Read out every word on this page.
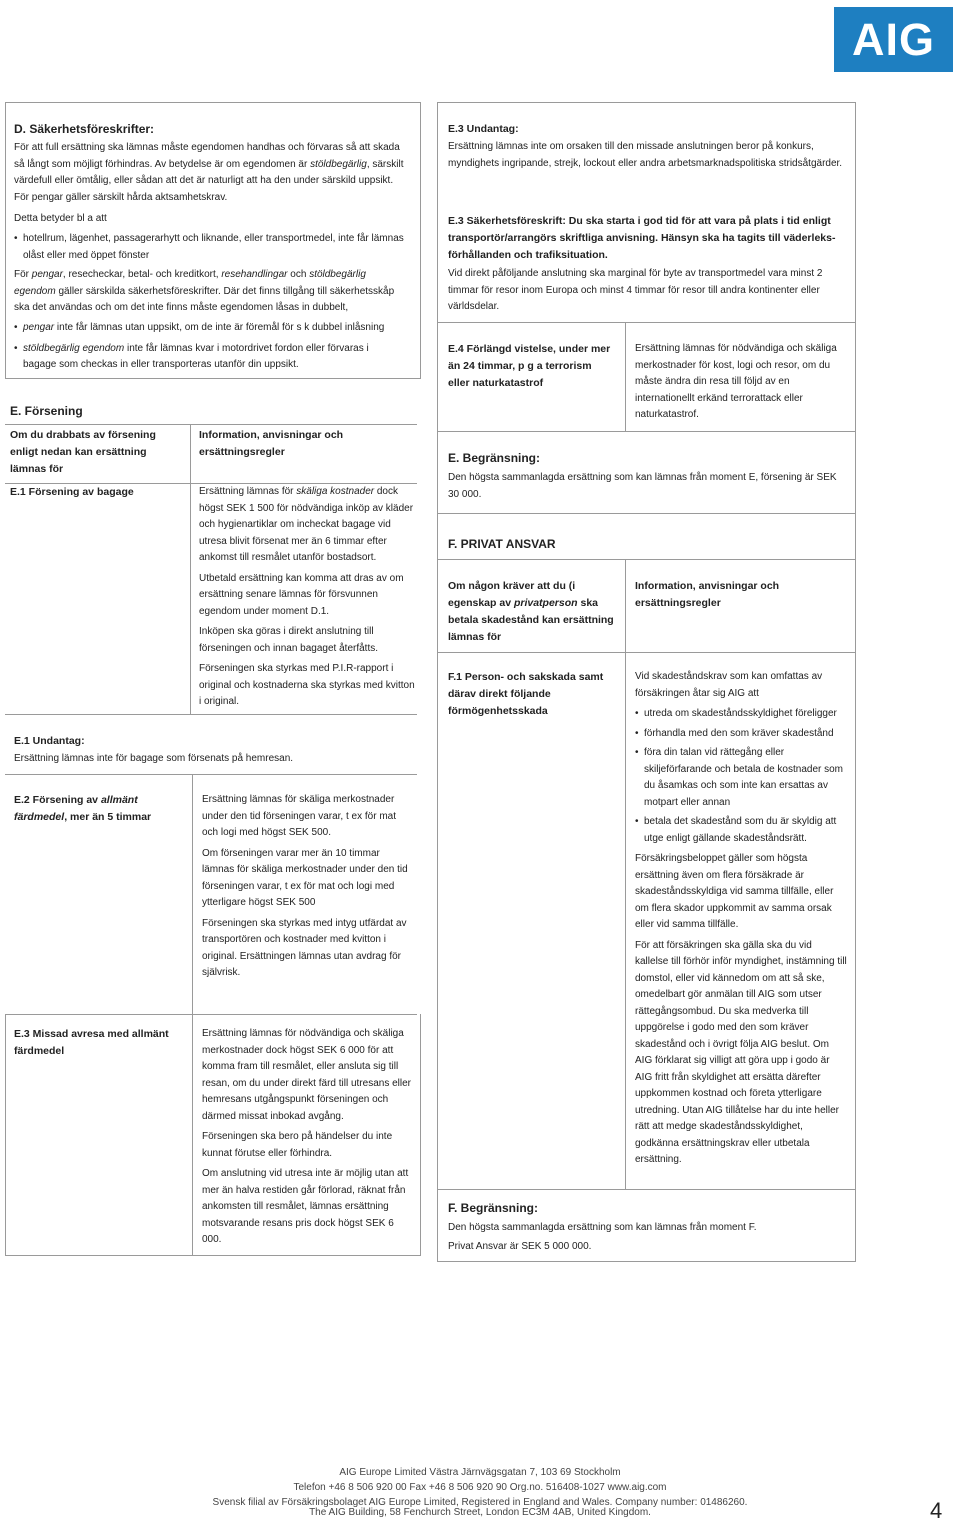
AIG
D. Säkerhetsföreskrifter:

För att full ersättning ska lämnas måste egendomen handhas och förvaras så att skada så långt som möjligt förhindras. Av betydelse är om egendomen är stöldbegärlig, särskilt värdefull eller ömtålig, eller sådan att det är naturligt att ha den under särskild uppsikt. För pengar gäller särskilt hårda aktsamhetskrav.

Detta betyder bl a att

• hotellrum, lägenhet, passagerarhytt och liknande, eller transportmedel, inte får lämnas olåst eller med öppet fönster

För pengar, resecheckar, betal- och kreditkort, resehandlingar och stöldbegärlig egendom gäller särskilda säkerhetsföreskrifter. Där det finns tillgång till säkerhetsskåp ska det användas och om det inte finns måste egendomen låsas in dubbelt,

• pengar inte får lämnas utan uppsikt, om de inte är föremål för s k dubbel inlåsning
• stöldbegärlig egendom inte får lämnas kvar i motordrivet fordon eller förvaras i bagage som checkas in eller transporteras utanför din uppsikt.
E. Försening
Om du drabbats av försening enligt nedan kan ersättning lämnas för
Information, anvisningar och ersättningsregler
E.1 Försening av bagage	Ersättning lämnas för skäliga kostnader dock högst SEK 1 500 för nödvändiga inköp av kläder och hygienartiklar om incheckat bagage vid utresa blivit försenat mer än 6 timmar efter ankomst till resmålet utanför bostadsort.

Utbetald ersättning kan komma att dras av om ersättning senare lämnas för försvunnen egendom under moment D.1.

Inköpen ska göras i direkt anslutning till förseningen och innan bagaget återfåtts.

Förseningen ska styrkas med P.I.R-rapport i original och kostnaderna ska styrkas med kvitton i original.

E.1 Undantag:
Ersättning lämnas inte för bagage som försenats på hemresan.
E.2 Försening av allmänt färdmedel, mer än 5 timmar

Ersättning lämnas för skäliga merkostnader under den tid förseningen varar, t ex för mat och logi med högst SEK 500.

Om förseningen varar mer än 10 timmar lämnas för skäliga merkostnader under den tid förseningen varar, t ex för mat och logi med ytterligare högst SEK 500

Förseningen ska styrkas med intyg utfärdat av transportören och kostnader med kvitton i original. Ersättningen lämnas utan avdrag för självrisk.

E.3 Missad avresa med allmänt färdmedel

Ersättning lämnas för nödvändiga och skäliga merkostnader dock högst SEK 6 000 för att komma fram till resmålet, eller ansluta sig till resan, om du under direkt färd till utresans eller hemresans utgångspunkt förseningen och därmed missat inbokad avgång.

Förseningen ska bero på händelser du inte kunnat förutse eller förhindra.

Om anslutning vid utresa inte är möjlig utan att mer än halva restiden går förlorad, räknat från ankomsten till resmålet, lämnas ersättning motsvarande resans pris dock högst SEK 6 000.

E.3 Undantag:
Ersättning lämnas inte om orsaken till den missade anslutningen beror på konkurs, myndighets ingripande, strejk, lockout eller andra arbetsmarknadspolitiska stridsåtgärder.
E.3 Säkerhetsföreskrift: Du ska starta i god tid för att vara på plats i tid enligt transportör/arrangörs skriftliga anvisning. Hänsyn ska ha tagits till väderleks-förhållanden och trafiksituation.
Vid direkt påföljande anslutning ska marginal för byte av transportmedel vara minst 2 timmar för resor inom Europa och minst 4 timmar för resor till andra kontinenter eller världsdelar.
E.4 Förlängd vistelse, under mer än 24 timmar, p g a terrorism eller naturkatastrof
Ersättning lämnas för nödvändiga och skäliga merkostnader för kost, logi och resor, om du måste ändra din resa till följd av en internationellt erkänd terrorattack eller naturkatastrof.
E. Begränsning:
Den högsta sammanlagda ersättning som kan lämnas från moment E, försening är SEK 30 000.
F. PRIVAT ANSVAR
Om någon kräver att du (i egenskap av privatperson ska betala skadestånd kan ersättning lämnas för
Information, anvisningar och ersättningsregler
F.1 Person- och sakskada samt därav direkt följande förmögenhetsskada

Vid skadeståndskrav som kan omfattas av försäkringen åtar sig AIG att

• utreda om skadeståndsskyldighet föreligger
• förhandla med den som kräver skadestånd
• föra din talan vid rättegång eller skiljeförfarande och betala de kostnader som du åsamkas och som inte kan ersattas av motpart eller annan
• betala det skadestånd som du är skyldig att utge enligt gällande skadeståndsrätt.

Försäkringsbeloppet gäller som högsta ersättning även om flera försäkrade är skadeståndsskyldiga vid samma tillfälle, eller om flera skador uppkommit av samma orsak eller vid samma tillfälle.

För att försäkringen ska gälla ska du vid kallelse till förhör inför myndighet, instämning till domstol, eller vid kännedom om att så ske, omedelbart gör anmälan till AIG som utser rättegångsombud. Du ska medverka till uppgörelse i godo med den som kräver skadestånd och i övrigt följa AIG beslut. Om AIG förklarat sig villigt att göra upp i godo är AIG fritt från skyldighet att ersätta därefter uppkommen kostnad och företa ytterligare utredning. Utan AIG tillåtelse har du inte heller rätt att medge skadeståndsskyldighet, godkänna ersättningskrav eller utbetala ersättning.

F. Begränsning:
Den högsta sammanlagda ersättning som kan lämnas från moment F.
Privat Ansvar är SEK 5 000 000.
AIG Europe Limited Västra Järnvägsgatan 7, 103 69 Stockholm
Telefon +46 8 506 920 00 Fax +46 8 506 920 90 Org.no. 516408-1027 www.aig.com
Svensk filial av Försäkringsbolaget AIG Europe Limited, Registered in England and Wales. Company number: 01486260.
The AIG Building, 58 Fenchurch Street, London EC3M 4AB, United Kingdom.	4
